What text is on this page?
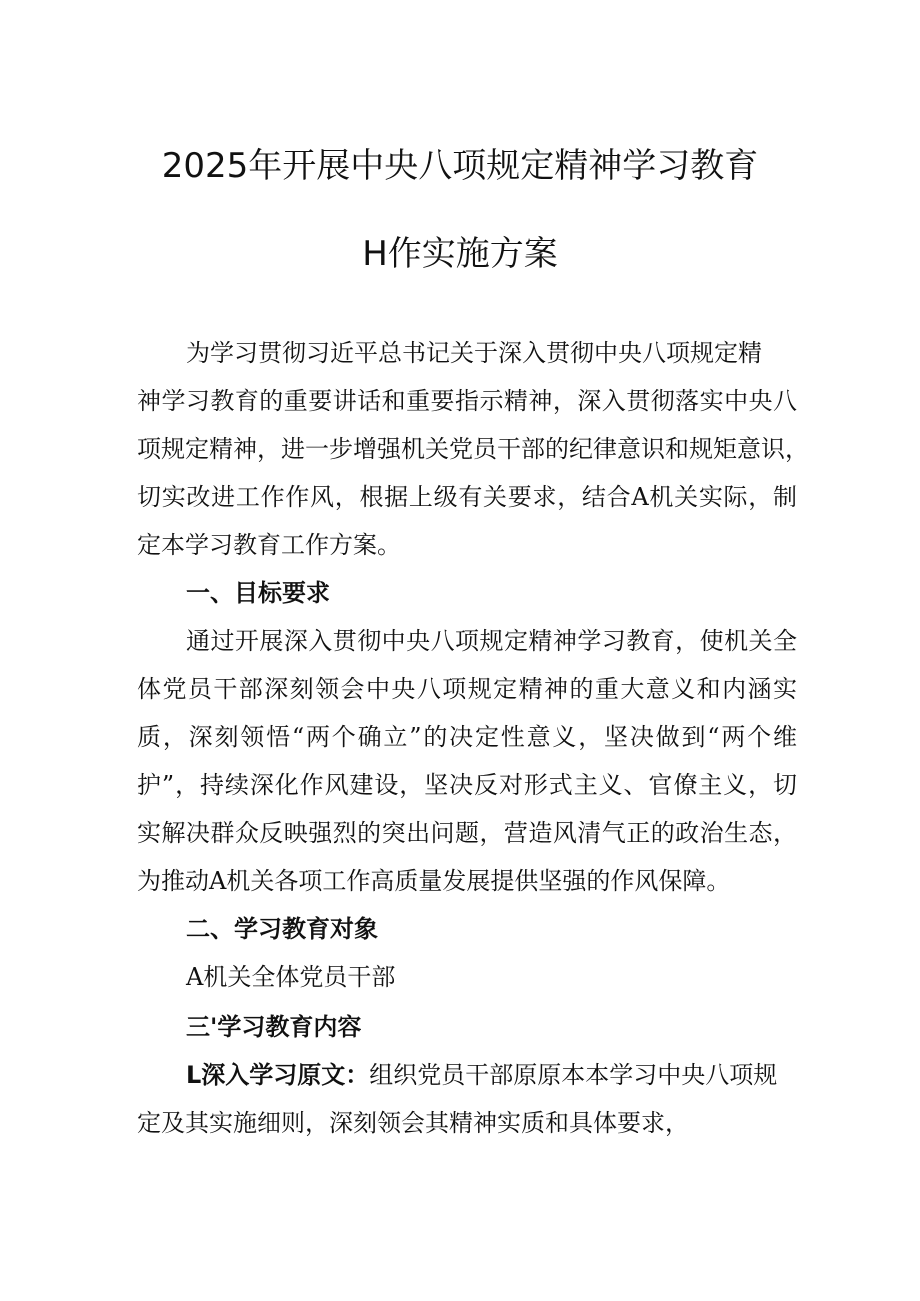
2025年开展中央八项规定精神学习教育
H作实施方案
为学习贯彻习近平总书记关于深入贯彻中央八项规定精
神学习教育的重要讲话和重要指示精神，深入贯彻落实中央八
项规定精神，进一步增强机关党员干部的纪律意识和规矩意识，
切实改进工作作风，根据上级有关要求，结合A机关实际，制
定本学习教育工作方案。
一、目标要求
通过开展深入贯彻中央八项规定精神学习教育，使机关全
体党员干部深刻领会中央八项规定精神的重大意义和内涵实
质，深刻领悟“两个确立”的决定性意义，坚决做到“两个维
护”，持续深化作风建设，坚决反对形式主义、官僚主义，切
实解决群众反映强烈的突出问题，营造风清气正的政治生态，
为推动A机关各项工作高质量发展提供坚强的作风保障。
二、学习教育对象
A机关全体党员干部
三'学习教育内容
L深入学习原文：组织党员干部原原本本学习中央八项规
定及其实施细则，深刻领会其精神实质和具体要求，
